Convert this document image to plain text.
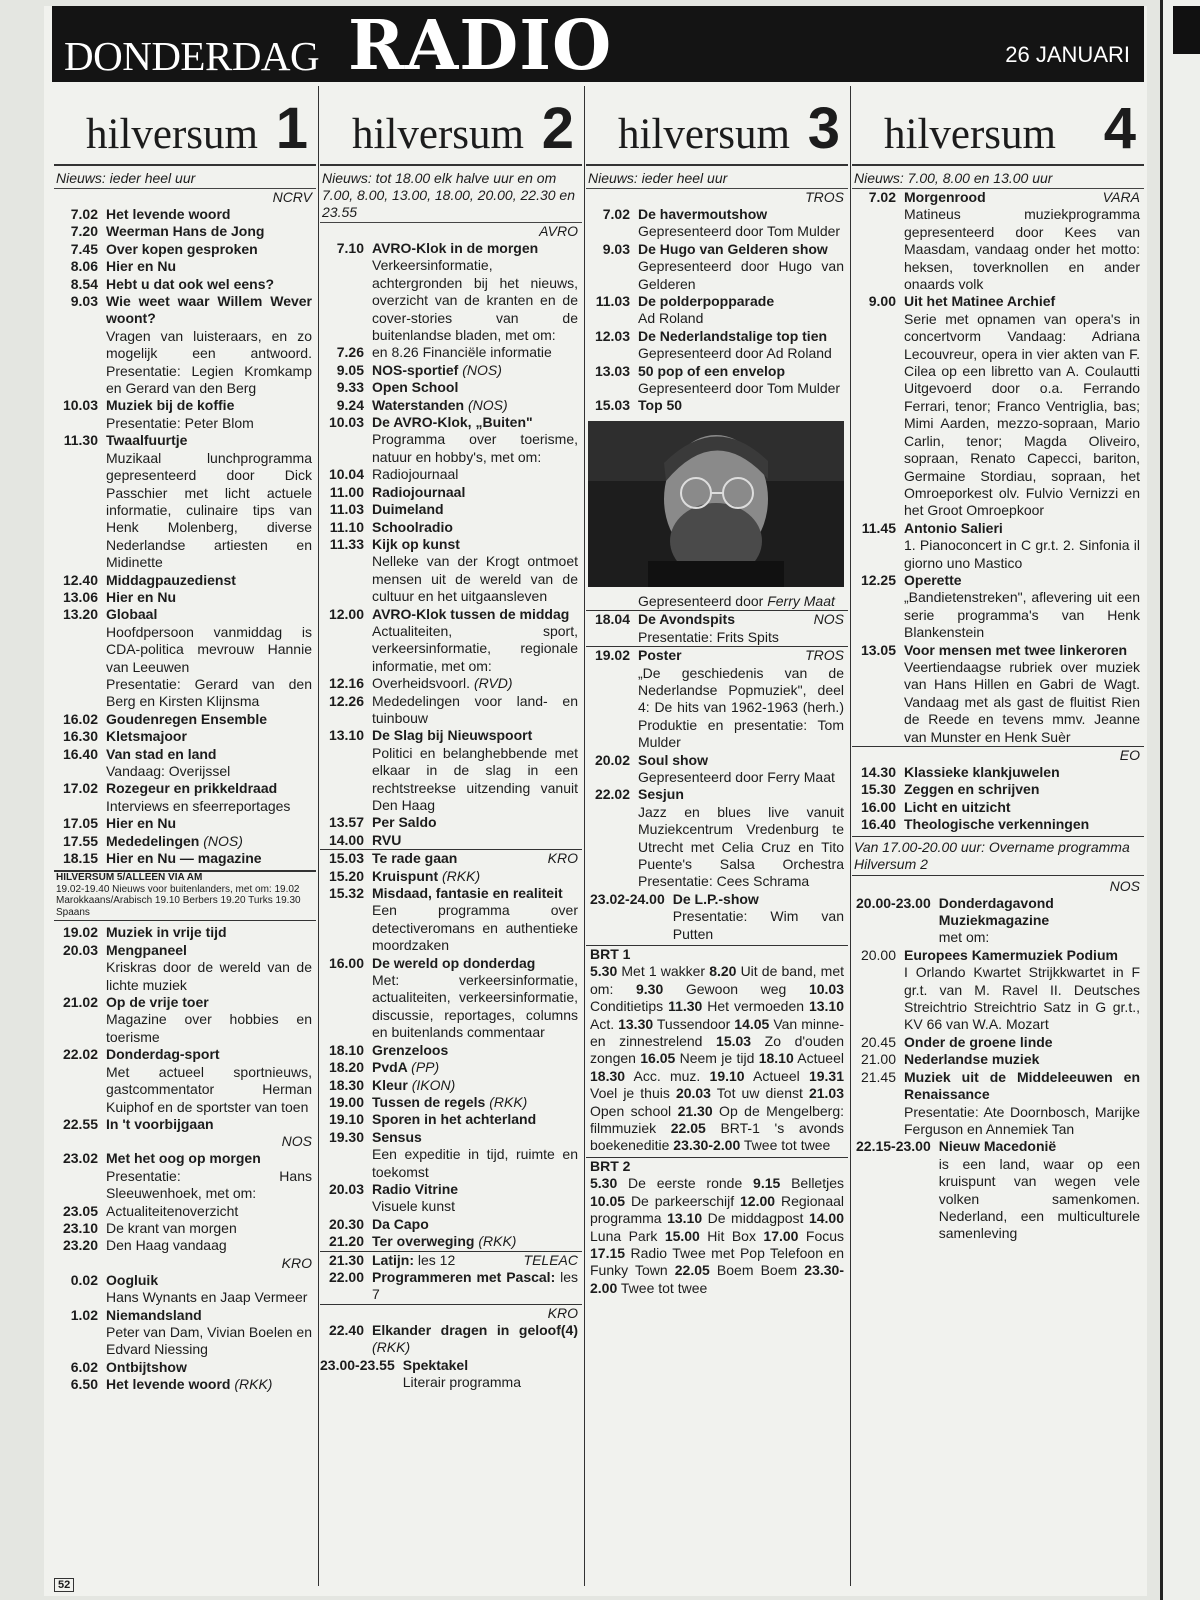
DONDERDAG RADIO	26 JANUARI
hilversum 1
Nieuws: ieder heel uur
NCRV
7.02 Het levende woord
7.20 Weerman Hans de Jong
7.45 Over kopen gesproken
8.06 Hier en Nu
8.54 Hebt u dat ook wel eens?
9.03 Wie weet waar Willem Wever woont?
Vragen van luisteraars, en zo mogelijk een antwoord. Presentatie: Legien Kromkamp en Gerard van den Berg
10.03 Muziek bij de koffie
Presentatie: Peter Blom
11.30 Twaalfuurtje
Muzikaal lunchprogramma gepresenteerd door Dick Passchier met licht actuele informatie, culinaire tips van Henk Molenberg, diverse Nederlandse artiesten en Midinette
12.40 Middagpauzedienst
13.06 Hier en Nu
13.20 Globaal
Hoofdpersoon vanmiddag is CDA-politica mevrouw Hannie van Leeuwen
Presentatie: Gerard van den Berg en Kirsten Klijnsma
16.02 Goudenregen Ensemble
16.30 Kletsmajoor
16.40 Van stad en land
Vandaag: Overijssel
17.02 Rozegeur en prikkeldraad
Interviews en sfeerreportages
17.05 Hier en Nu
17.55 Mededelingen (NOS)
18.15 Hier en Nu — magazine
HILVERSUM 5/ALLEEN VIA AM
19.02-19.40 Nieuws voor buitenlanders, met om: 19.02 Marokkaans/Arabisch 19.10 Berbers 19.20 Turks 19.30 Spaans
19.02 Muziek in vrije tijd
20.03 Mengpaneel
Kriskras door de wereld van de lichte muziek
21.02 Op de vrije toer
Magazine over hobbies en toerisme
22.02 Donderdag-sport
Met actueel sportnieuws, gastcommentator Herman Kuiphof en de sportster van toen
22.55 In 't voorbijgaan
NOS
23.02 Met het oog op morgen
Presentatie: Hans Sleeuwenhoek, met om:
23.05 Actualiteitenoverzicht
23.10 De krant van morgen
23.20 Den Haag vandaag
KRO
0.02 Oogluik
Hans Wynants en Jaap Vermeer
1.02 Niemandsland
Peter van Dam, Vivian Boelen en Edvard Niessing
6.02 Ontbijtshow
6.50 Het levende woord (RKK)
hilversum 2
Nieuws: tot 18.00 elk halve uur en om 7.00, 8.00, 13.00, 18.00, 20.00, 22.30 en 23.55
AVRO
7.10 AVRO-Klok in de morgen
Verkeersinformatie, achtergronden bij het nieuws, overzicht van de kranten en de cover-stories van de buitenlandse bladen, met om:
7.26 en 8.26 Financiële informatie
9.05 NOS-sportief (NOS)
9.33 Open School
9.24 Waterstanden (NOS)
10.03 De AVRO-Klok, „Buiten"
Programma over toerisme, natuur en hobby's, met om:
10.04 Radiojournaal
11.00 Radiojournaal
11.03 Duimeland
11.10 Schoolradio
11.33 Kijk op kunst
Nelleke van der Krogt ontmoet mensen uit de wereld van de cultuur en het uitgaansleven
12.00 AVRO-Klok tussen de middag
Actualiteiten, sport, verkeersinformatie, regionale informatie, met om:
12.16 Overheidsvoorl. (RVD)
12.26 Mededelingen voor land- en tuinbouw
13.10 De Slag bij Nieuwspoort
Politici en belanghebbende met elkaar in de slag in een rechtstreekse uitzending vanuit Den Haag
13.57 Per Saldo
14.00 RVU
15.03 Te rade gaan	KRO
15.20 Kruispunt (RKK)
15.32 Misdaad, fantasie en realiteit
Een programma over detectiveromans en authentieke moordzaken
16.00 De wereld op donderdag
Met: verkeersinformatie, actualiteiten, verkeersinformatie, discussie, reportages, columns en buitenlands commentaar
18.10 Grenzeloos
18.20 PvdA (PP)
18.30 Kleur (IKON)
19.00 Tussen de regels (RKK)
19.10 Sporen in het achterland
19.30 Sensus
Een expeditie in tijd, ruimte en toekomst
20.03 Radio Vitrine
Visuele kunst
20.30 Da Capo
21.20 Ter overweging (RKK)
21.30 Latijn: les 12	TELEAC
22.00 Programmeren met Pascal: les 7
KRO
22.40 Elkander dragen in geloof(4) (RKK)
23.00-23.55 Spektakel
Literair programma
hilversum 3
Nieuws: ieder heel uur
TROS
7.02 De havermoutshow
Gepresenteerd door Tom Mulder
9.03 De Hugo van Gelderen show
Gepresenteerd door Hugo van Gelderen
11.03 De polderpopparade
Ad Roland
12.03 De Nederlandstalige top tien
Gepresenteerd door Ad Roland
13.03 50 pop of een envelop
Gepresenteerd door Tom Mulder
15.03 Top 50
Gepresenteerd door Ferry Maat
18.04 De Avondspits	NOS
Presentatie: Frits Spits
19.02 Poster	TROS
„De geschiedenis van de Nederlandse Popmuziek", deel 4: De hits van 1962-1963 (herh.) Produktie en presentatie: Tom Mulder
20.02 Soul show
Gepresenteerd door Ferry Maat
22.02 Sesjun
Jazz en blues live vanuit Muziekcentrum Vredenburg te Utrecht met Celia Cruz en Tito Puente's Salsa Orchestra Presentatie: Cees Schrama
23.02-24.00 De L.P.-show
Presentatie: Wim van Putten
BRT 1
5.30 Met 1 wakker 8.20 Uit de band, met om: 9.30 Gewoon weg 10.03 Conditietips 11.30 Het vermoeden 13.10 Act. 13.30 Tussendoor 14.05 Van minne- en zinnestrelend 15.03 Zo d'ouden zongen 16.05 Neem je tijd 18.10 Actueel 18.30 Acc. muz. 19.10 Actueel 19.31 Voel je thuis 20.03 Tot uw dienst 21.03 Open school 21.30 Op de Mengelberg: filmmuziek 22.05 BRT-1 's avonds boekeneditie 23.30-2.00 Twee tot twee
BRT 2
5.30 De eerste ronde 9.15 Belletjes 10.05 De parkeerschijf 12.00 Regionaal programma 13.10 De middagpost 14.00 Luna Park 15.00 Hit Box 17.00 Focus 17.15 Radio Twee met Pop Telefoon en Funky Town 22.05 Boem Boem 23.30-2.00 Twee tot twee
hilversum 4
Nieuws: 7.00, 8.00 en 13.00 uur
7.02 Morgenrood	VARA
Matineus muziekprogramma gepresenteerd door Kees van Maasdam, vandaag onder het motto: heksen, toverknollen en ander onaards volk
9.00 Uit het Matinee Archief
Serie met opnamen van opera's in concertvorm Vandaag: Adriana Lecouvreur, opera in vier akten van F. Cilea op een libretto van A. Coulautti Uitgevoerd door o.a. Ferrando Ferrari, tenor; Franco Ventriglia, bas; Mimi Aarden, mezzo-sopraan, Mario Carlin, tenor; Magda Oliveiro, sopraan, Renato Capecci, bariton, Germaine Stordiau, sopraan, het Omroeporkest olv. Fulvio Vernizzi en het Groot Omroepkoor
11.45 Antonio Salieri
1. Pianoconcert in C gr.t. 2. Sinfonia il giorno uno Mastico
12.25 Operette
„Bandietenstreken", aflevering uit een serie programma's van Henk Blankenstein
13.05 Voor mensen met twee linkeroren
Veertiendaagse rubriek over muziek van Hans Hillen en Gabri de Wagt. Vandaag met als gast de fluitist Rien de Reede en tevens mmv. Jeanne van Munster en Henk Suèr
EO
14.30 Klassieke klankjuwelen
15.30 Zeggen en schrijven
16.00 Licht en uitzicht
16.40 Theologische verkenningen
Van 17.00-20.00 uur: Overname programma Hilversum 2
NOS
20.00-23.00 Donderdagavond Muziekmagazine
met om:
20.00 Europees Kamermuziek Podium
I Orlando Kwartet Strijkkwartet in F gr.t. van M. Ravel II. Deutsches Streichtrio Streichtrio Satz in G gr.t., KV 66 van W.A. Mozart
20.45 Onder de groene linde
21.00 Nederlandse muziek
21.45 Muziek uit de Middeleeuwen en Renaissance
Presentatie: Ate Doornbosch, Marijke Ferguson en Annemiek Tan
22.15-23.00 Nieuw Macedonië
is een land, waar op een kruispunt van wegen vele volken samenkomen. Nederland, een multiculturele samenleving
52
